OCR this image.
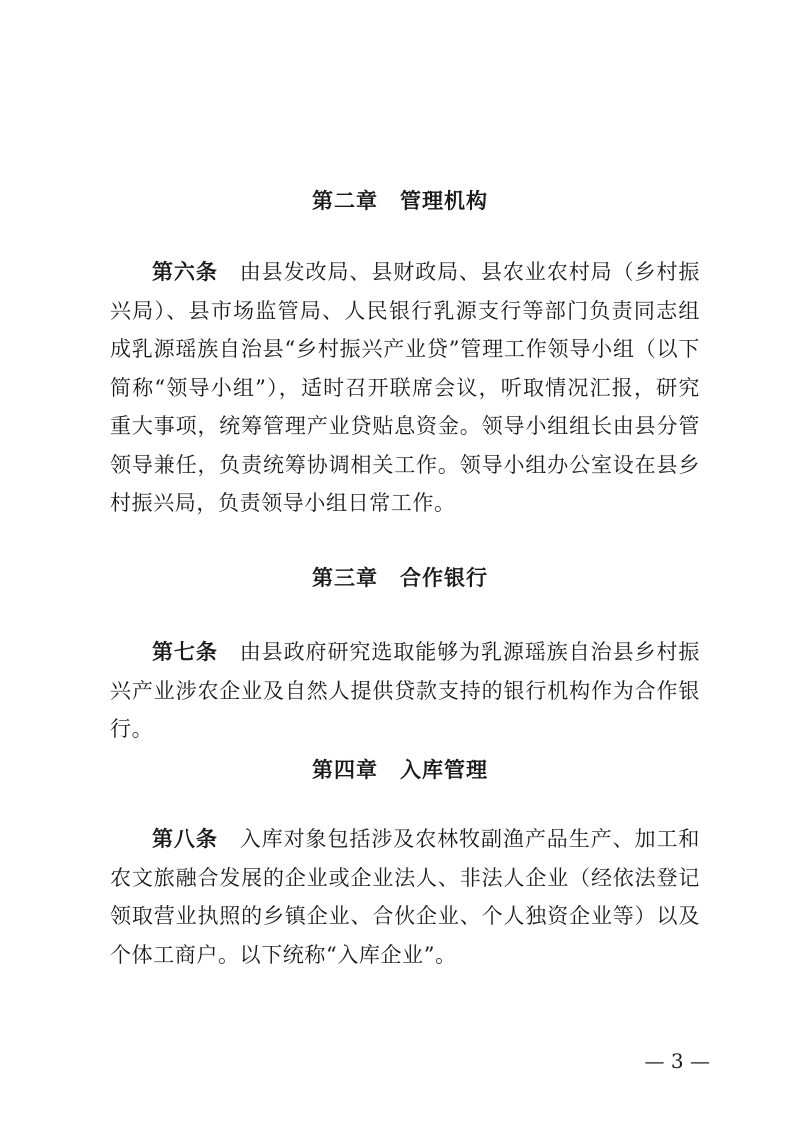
第二章　管理机构
第六条　 由县发改局、县财政局、县农业农村局（乡村振兴局）、县市场监管局、人民银行乳源支行等部门负责同志组成乳源瑶族自治县“乡村振兴产业贷”管理工作领导小组（以下简称“领导小组”），适时召开联席会议，听取情况汇报，研究重大事项，统筹管理产业贷贴息资金。领导小组组长由县分管领导兼任，负责统筹协调相关工作。领导小组办公室设在县乡村振兴局，负责领导小组日常工作。
第三章　合作银行
第七条　 由县政府研究选取能够为乳源瑶族自治县乡村振兴产业涉农企业及自然人提供贷款支持的银行机构作为合作银行。
第四章　入库管理
第八条　 入库对象包括涉及农林牧副渔产品生产、加工和农文旅融合发展的企业或企业法人、非法人企业（经依法登记领取营业执照的乡镇企业、合伙企业、个人独资企业等）以及个体工商户。以下统称“入库企业”。
— 3 —
